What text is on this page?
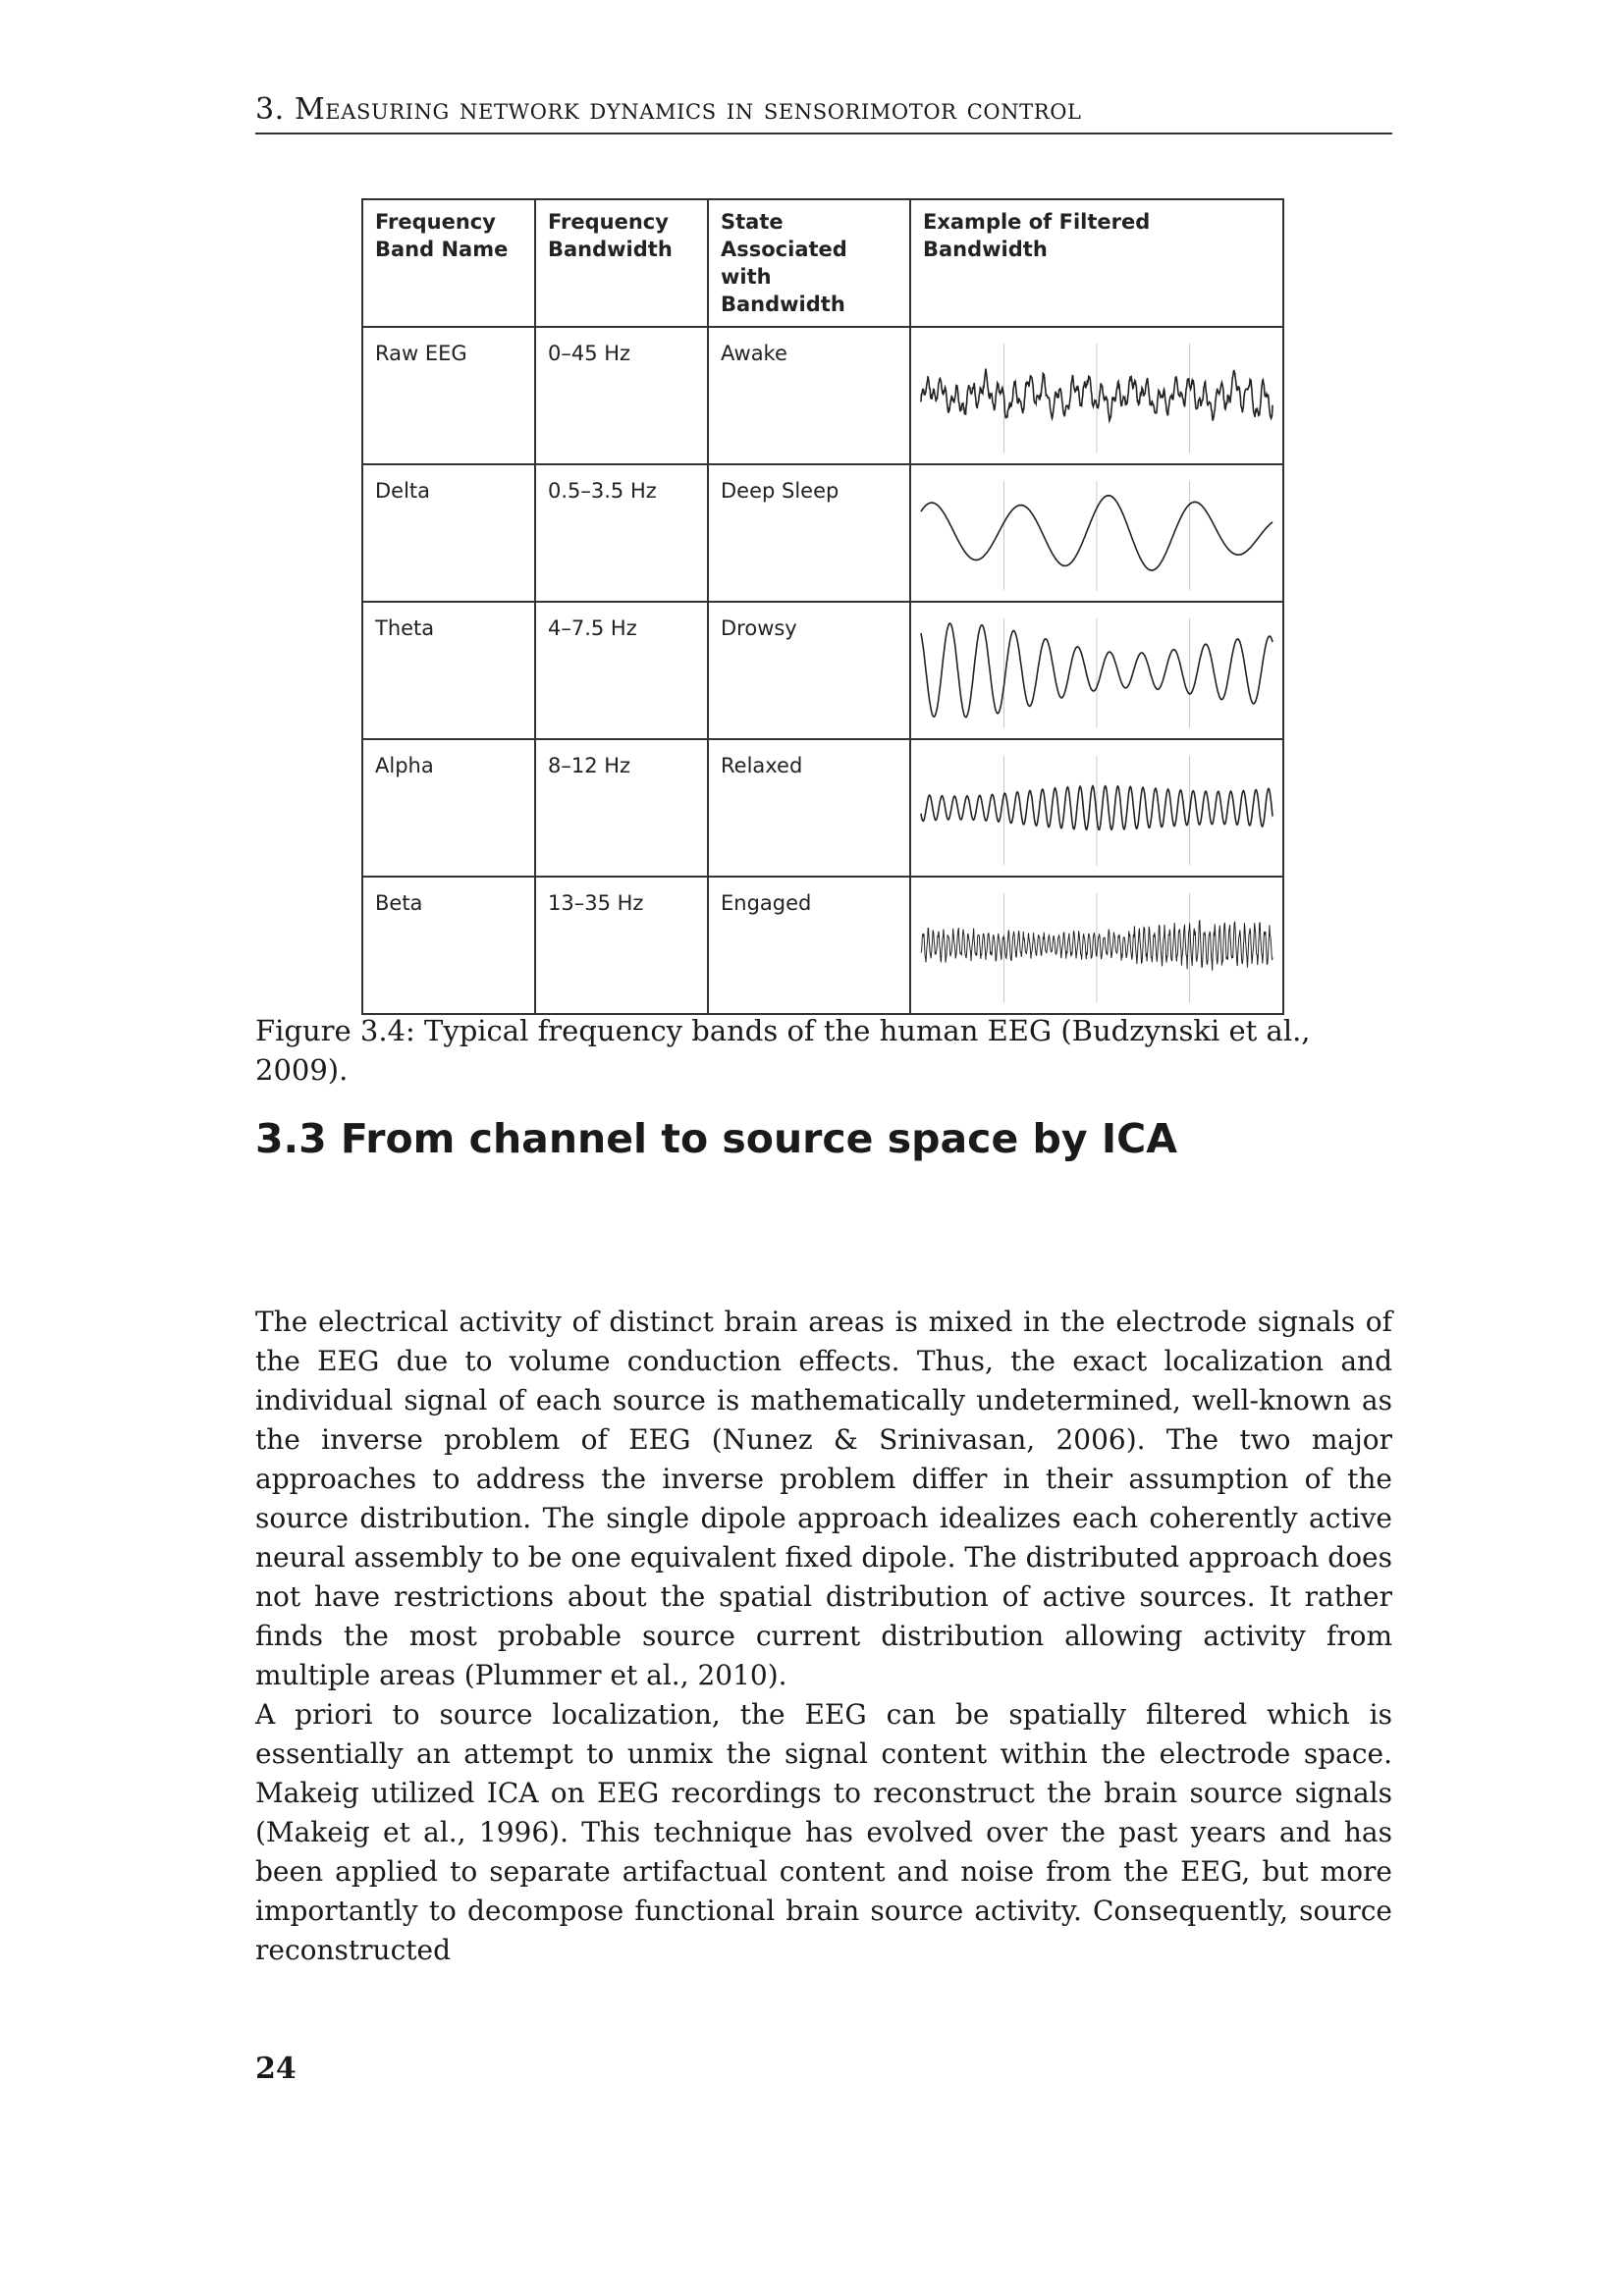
3. Measuring network dynamics in sensorimotor control
Frequency Band Name	Frequency Bandwidth	State Associated with Bandwidth	Example of Filtered Bandwidth
Raw EEG	0–45 Hz	Awake	

Delta	0.5–3.5 Hz	Deep Sleep	

Theta	4–7.5 Hz	Drowsy	

Alpha	8–12 Hz	Relaxed	

Beta	13–35 Hz	Engaged	
Figure 3.4: Typical frequency bands of the human EEG (Budzynski et al., 2009).
3.3 From channel to source space by ICA

The electrical activity of distinct brain areas is mixed in the electrode signals of the EEG due to volume conduction effects. Thus, the exact localization and individual signal of each source is mathematically undetermined, well-known as the inverse problem of EEG (Nunez & Srinivasan, 2006). The two major approaches to address the inverse problem differ in their assumption of the source distribution. The single dipole approach idealizes each coherently active neural assembly to be one equivalent fixed dipole. The distributed approach does not have restrictions about the spatial distribution of active sources. It rather finds the most probable source current distribution allowing activity from multiple areas (Plummer et al., 2010).
A priori to source localization, the EEG can be spatially filtered which is essentially an attempt to unmix the signal content within the electrode space. Makeig utilized ICA on EEG recordings to reconstruct the brain source signals (Makeig et al., 1996). This technique has evolved over the past years and has been applied to separate artifactual content and noise from the EEG, but more importantly to decompose functional brain source activity. Consequently, source reconstructed

24
